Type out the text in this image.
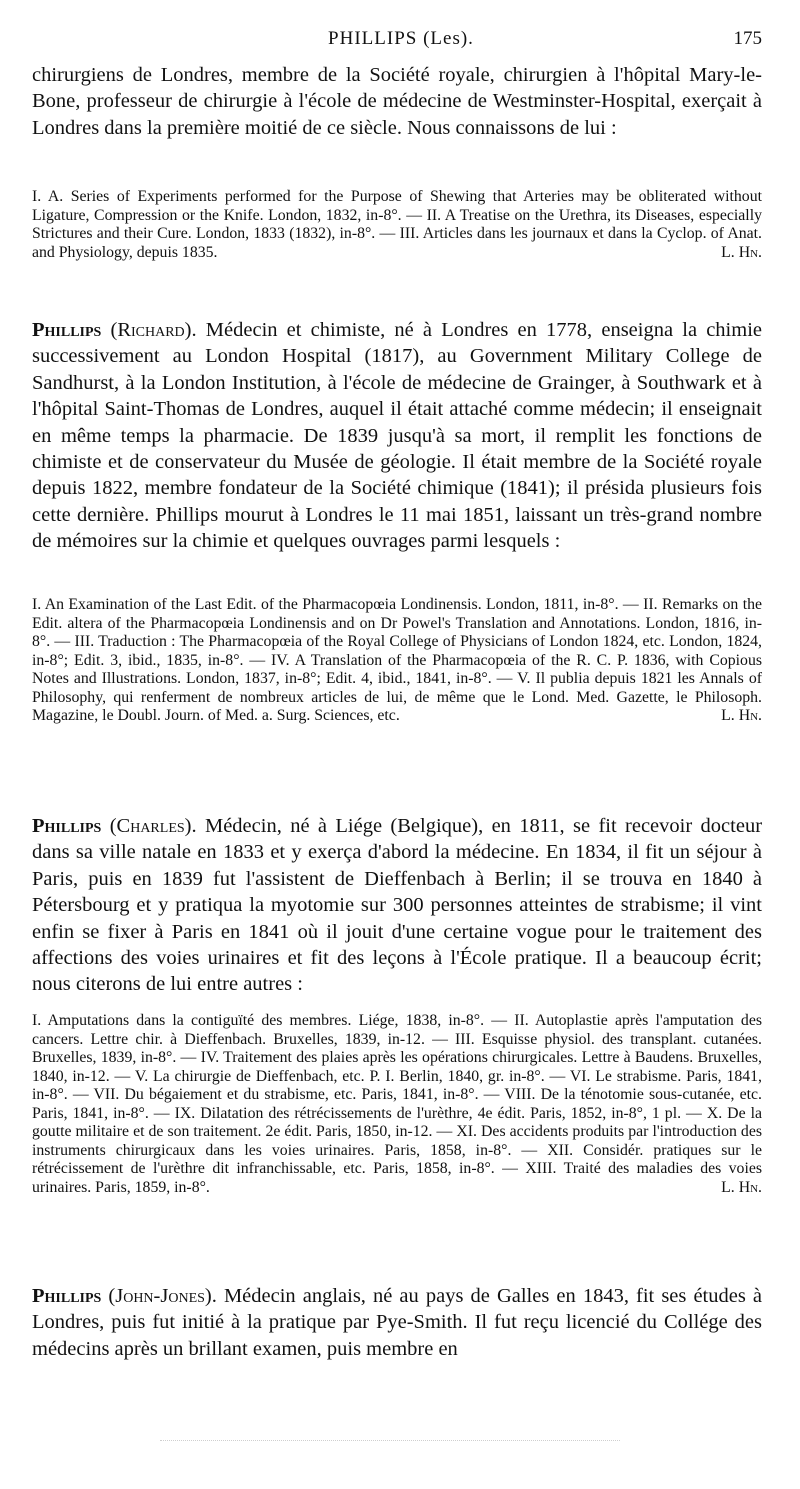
PHILLIPS (Les).	175

chirurgiens de Londres, membre de la Société royale, chirurgien à l'hôpital Mary-le-Bone, professeur de chirurgie à l'école de médecine de Westminster-Hospital, exerçait à Londres dans la première moitié de ce siècle. Nous connaissons de lui :

I. A. Series of Experiments performed for the Purpose of Shewing that Arteries may be obliterated without Ligature, Compression or the Knife. London, 1832, in-8°. — II. A Treatise on the Urethra, its Diseases, especially Strictures and their Cure. London, 1833 (1832), in-8°. — III. Articles dans les journaux et dans la Cyclop. of Anat. and Physiology, depuis 1835.	L. Hn.

Phillips (Richard). Médecin et chimiste, né à Londres en 1778, enseigna la chimie successivement au London Hospital (1817), au Government Military College de Sandhurst, à la London Institution, à l'école de médecine de Grainger, à Southwark et à l'hôpital Saint-Thomas de Londres, auquel il était attaché comme médecin; il enseignait en même temps la pharmacie. De 1839 jusqu'à sa mort, il remplit les fonctions de chimiste et de conservateur du Musée de géologie. Il était membre de la Société royale depuis 1822, membre fondateur de la Société chimique (1841); il présida plusieurs fois cette dernière. Phillips mourut à Londres le 11 mai 1851, laissant un très-grand nombre de mémoires sur la chimie et quelques ouvrages parmi lesquels :

I. An Examination of the Last Edit. of the Pharmacopœia Londinensis. London, 1811, in-8°. — II. Remarks on the Edit. altera of the Pharmacopœia Londinensis and on Dr Powel's Translation and Annotations. London, 1816, in-8°. — III. Traduction : The Pharmacopœia of the Royal College of Physicians of London 1824, etc. London, 1824, in-8°; Edit. 3, ibid., 1835, in-8°. — IV. A Translation of the Pharmacopœia of the R. C. P. 1836, with Copious Notes and Illustrations. London, 1837, in-8°; Edit. 4, ibid., 1841, in-8°. — V. Il publia depuis 1821 les Annals of Philosophy, qui renferment de nombreux articles de lui, de même que le Lond. Med. Gazette, le Philosoph. Magazine, le Doubl. Journ. of Med. a. Surg. Sciences, etc.	L. Hn.

Phillips (Charles). Médecin, né à Liége (Belgique), en 1811, se fit recevoir docteur dans sa ville natale en 1833 et y exerça d'abord la médecine. En 1834, il fit un séjour à Paris, puis en 1839 fut l'assistent de Dieffenbach à Berlin; il se trouva en 1840 à Pétersbourg et y pratiqua la myotomie sur 300 personnes atteintes de strabisme; il vint enfin se fixer à Paris en 1841 où il jouit d'une certaine vogue pour le traitement des affections des voies urinaires et fit des leçons à l'École pratique. Il a beaucoup écrit; nous citerons de lui entre autres :

I. Amputations dans la contiguïté des membres. Liége, 1838, in-8°. — II. Autoplastie après l'amputation des cancers. Lettre chir. à Dieffenbach. Bruxelles, 1839, in-12. — III. Esquisse physiol. des transplant. cutanées. Bruxelles, 1839, in-8°. — IV. Traitement des plaies après les opérations chirurgicales. Lettre à Baudens. Bruxelles, 1840, in-12. — V. La chirurgie de Dieffenbach, etc. P. I. Berlin, 1840, gr. in-8°. — VI. Le strabisme. Paris, 1841, in-8°. — VII. Du bégaiement et du strabisme, etc. Paris, 1841, in-8°. — VIII. De la ténotomie sous-cutanée, etc. Paris, 1841, in-8°. — IX. Dilatation des rétrécissements de l'urèthre, 4e édit. Paris, 1852, in-8°, 1 pl. — X. De la goutte militaire et de son traitement. 2e édit. Paris, 1850, in-12. — XI. Des accidents produits par l'introduction des instruments chirurgicaux dans les voies urinaires. Paris, 1858, in-8°. — XII. Considér. pratiques sur le rétrécissement de l'urèthre dit infranchissable, etc. Paris, 1858, in-8°. — XIII. Traité des maladies des voies urinaires. Paris, 1859, in-8°.	L. Hn.

Phillips (John-Jones). Médecin anglais, né au pays de Galles en 1843, fit ses études à Londres, puis fut initié à la pratique par Pye-Smith. Il fut reçu licencié du Collége des médecins après un brillant examen, puis membre en
